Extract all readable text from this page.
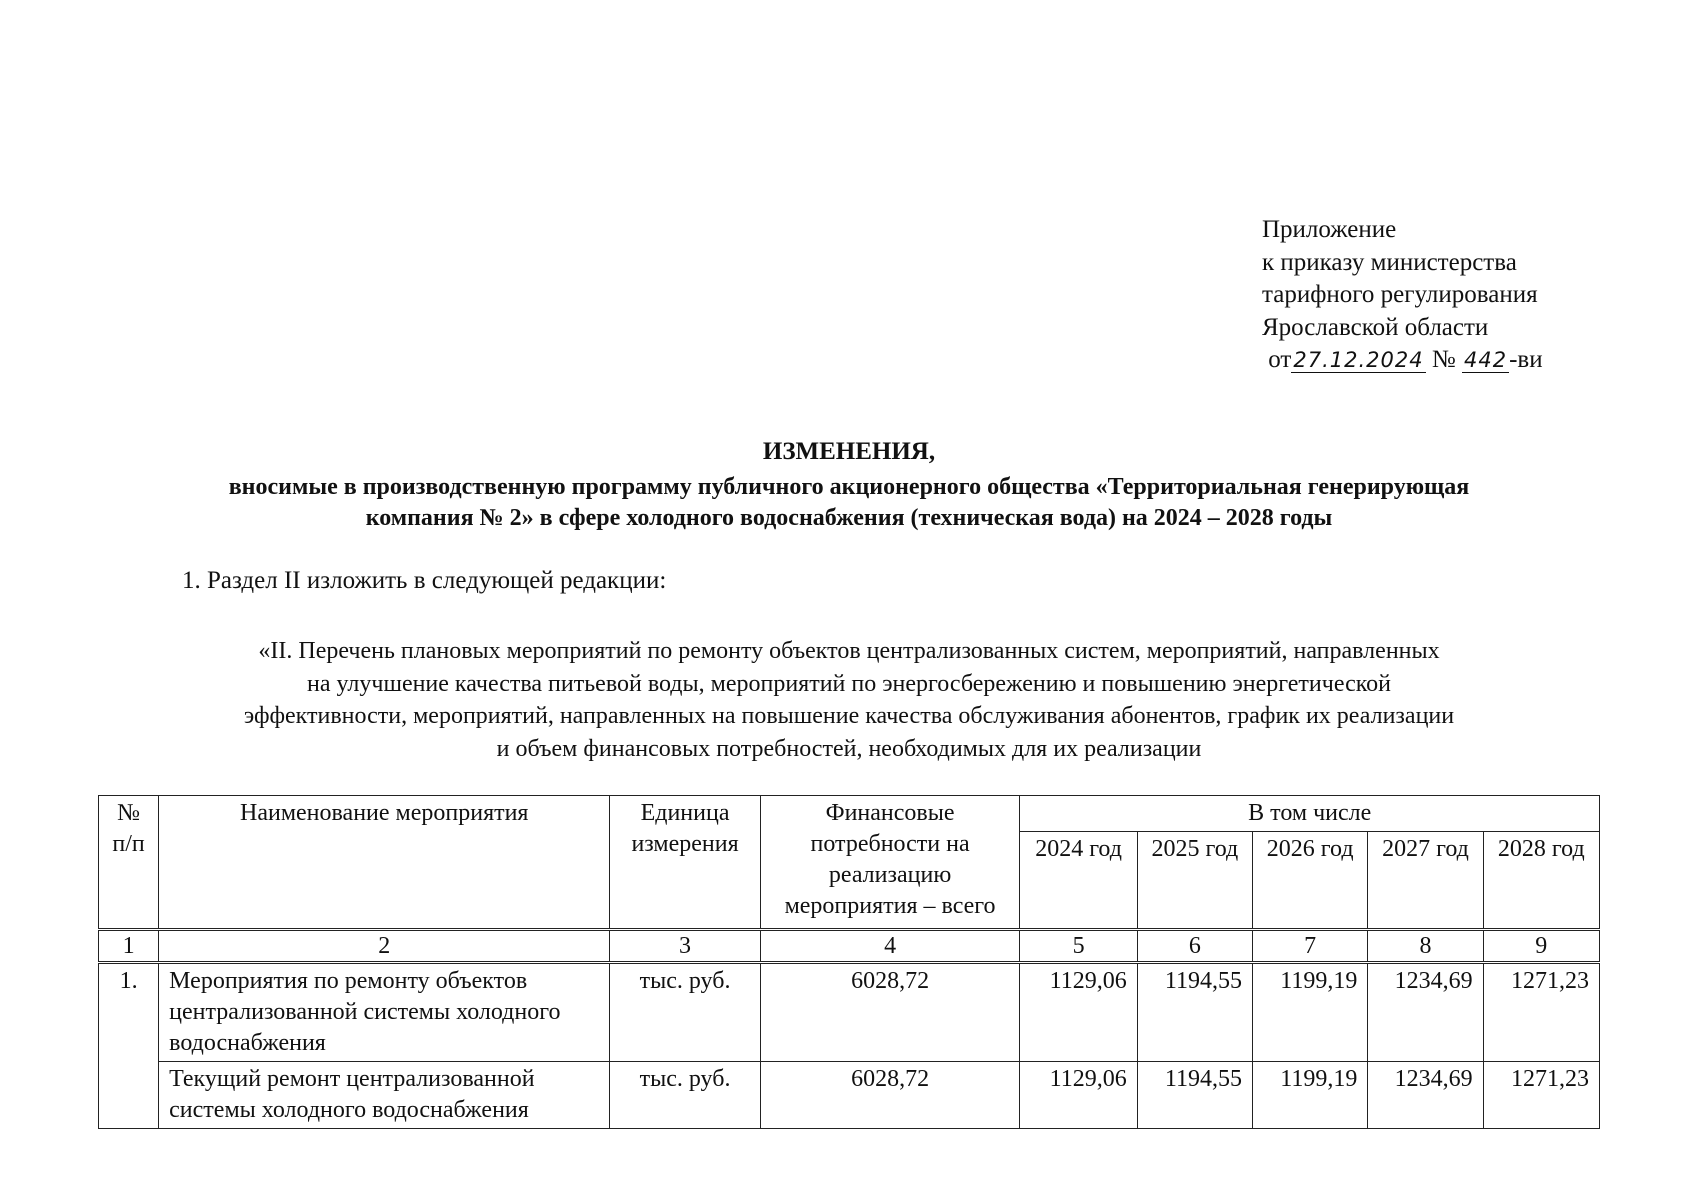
Приложение
к приказу министерства
тарифного регулирования
Ярославской области
от27.12.2024 № 442-ви
ИЗМЕНЕНИЯ,
вносимые в производственную программу публичного акционерного общества «Территориальная генерирующая
компания № 2» в сфере холодного водоснабжения (техническая вода) на 2024 – 2028 годы
1. Раздел II изложить в следующей редакции:
«II. Перечень плановых мероприятий по ремонту объектов централизованных систем, мероприятий, направленных
на улучшение качества питьевой воды, мероприятий по энергосбережению и повышению энергетической
эффективности, мероприятий, направленных на повышение качества обслуживания абонентов, график их реализации
и объем финансовых потребностей, необходимых для их реализации
№ п/п	Наименование мероприятия	Единица измерения	Финансовые потребности на реализацию мероприятия – всего	В том числе				
				2024 год	2025 год	2026 год	2027 год	2028 год
1	2	3	4	5	6	7	8	9
1.	Мероприятия по ремонту объектов централизованной системы холодного водоснабжения	тыс. руб.	6028,72	1129,06	1194,55	1199,19	1234,69	1271,23
	Текущий ремонт централизованной системы холодного водоснабжения	тыс. руб.	6028,72	1129,06	1194,55	1199,19	1234,69	1271,23
